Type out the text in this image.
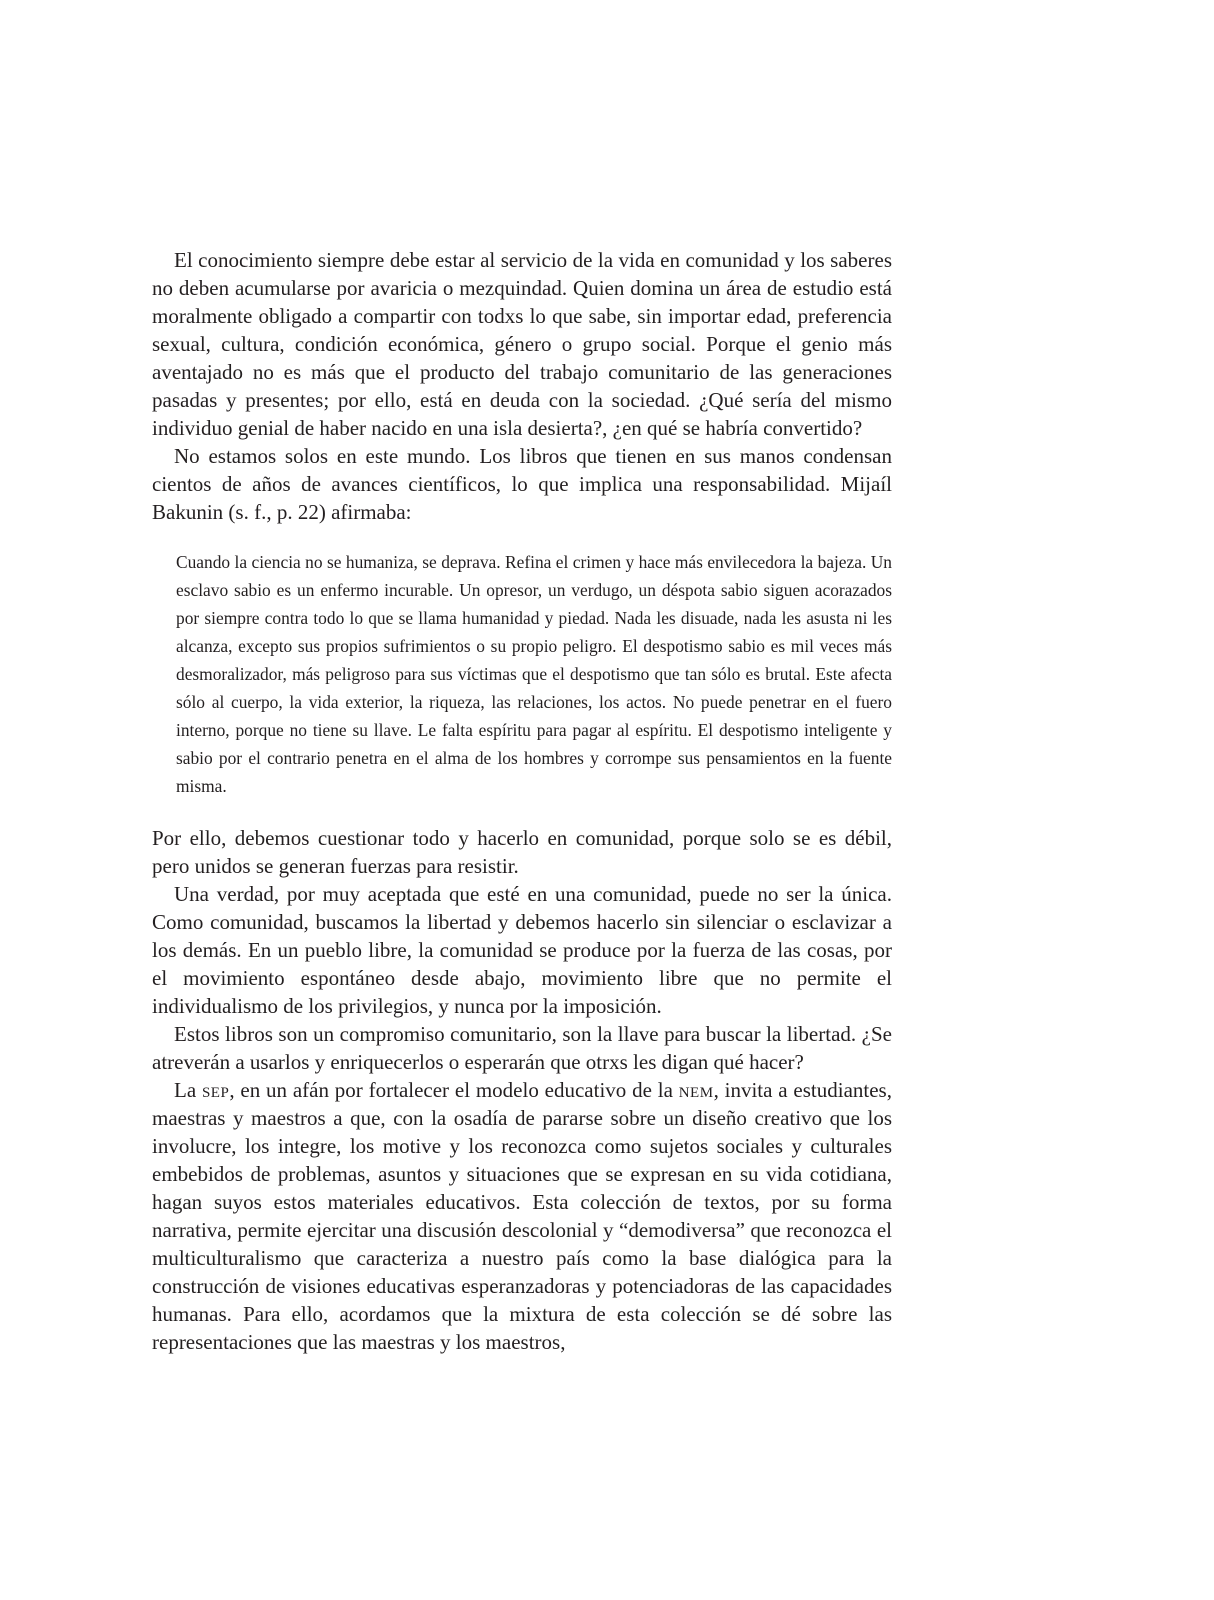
El conocimiento siempre debe estar al servicio de la vida en comunidad y los saberes no deben acumularse por avaricia o mezquindad. Quien domina un área de estudio está moralmente obligado a compartir con todxs lo que sabe, sin importar edad, preferencia sexual, cultura, condición económica, género o grupo social. Porque el genio más aventajado no es más que el producto del trabajo comunitario de las generaciones pasadas y presentes; por ello, está en deuda con la sociedad. ¿Qué sería del mismo individuo genial de haber nacido en una isla desierta?, ¿en qué se habría convertido?

No estamos solos en este mundo. Los libros que tienen en sus manos condensan cientos de años de avances científicos, lo que implica una responsabilidad. Mijaíl Bakunin (s. f., p. 22) afirmaba:

Cuando la ciencia no se humaniza, se deprava. Refina el crimen y hace más envilecedora la bajeza. Un esclavo sabio es un enfermo incurable. Un opresor, un verdugo, un déspota sabio siguen acorazados por siempre contra todo lo que se llama humanidad y piedad. Nada les disuade, nada les asusta ni les alcanza, excepto sus propios sufrimientos o su propio peligro. El despotismo sabio es mil veces más desmoralizador, más peligroso para sus víctimas que el despotismo que tan sólo es brutal. Este afecta sólo al cuerpo, la vida exterior, la riqueza, las relaciones, los actos. No puede penetrar en el fuero interno, porque no tiene su llave. Le falta espíritu para pagar al espíritu. El despotismo inteligente y sabio por el contrario penetra en el alma de los hombres y corrompe sus pensamientos en la fuente misma.

Por ello, debemos cuestionar todo y hacerlo en comunidad, porque solo se es débil, pero unidos se generan fuerzas para resistir.

Una verdad, por muy aceptada que esté en una comunidad, puede no ser la única. Como comunidad, buscamos la libertad y debemos hacerlo sin silenciar o esclavizar a los demás. En un pueblo libre, la comunidad se produce por la fuerza de las cosas, por el movimiento espontáneo desde abajo, movimiento libre que no permite el individualismo de los privilegios, y nunca por la imposición.

Estos libros son un compromiso comunitario, son la llave para buscar la libertad. ¿Se atreverán a usarlos y enriquecerlos o esperarán que otrxs les digan qué hacer?

La sep, en un afán por fortalecer el modelo educativo de la nem, invita a estudiantes, maestras y maestros a que, con la osadía de pararse sobre un diseño creativo que los involucre, los integre, los motive y los reconozca como sujetos sociales y culturales embebidos de problemas, asuntos y situaciones que se expresan en su vida cotidiana, hagan suyos estos materiales educativos. Esta colección de textos, por su forma narrativa, permite ejercitar una discusión descolonial y “demodiversa” que reconozca el multiculturalismo que caracteriza a nuestro país como la base dialógica para la construcción de visiones educativas esperanzadoras y potenciadoras de las capacidades humanas. Para ello, acordamos que la mixtura de esta colección se dé sobre las representaciones que las maestras y los maestros,
